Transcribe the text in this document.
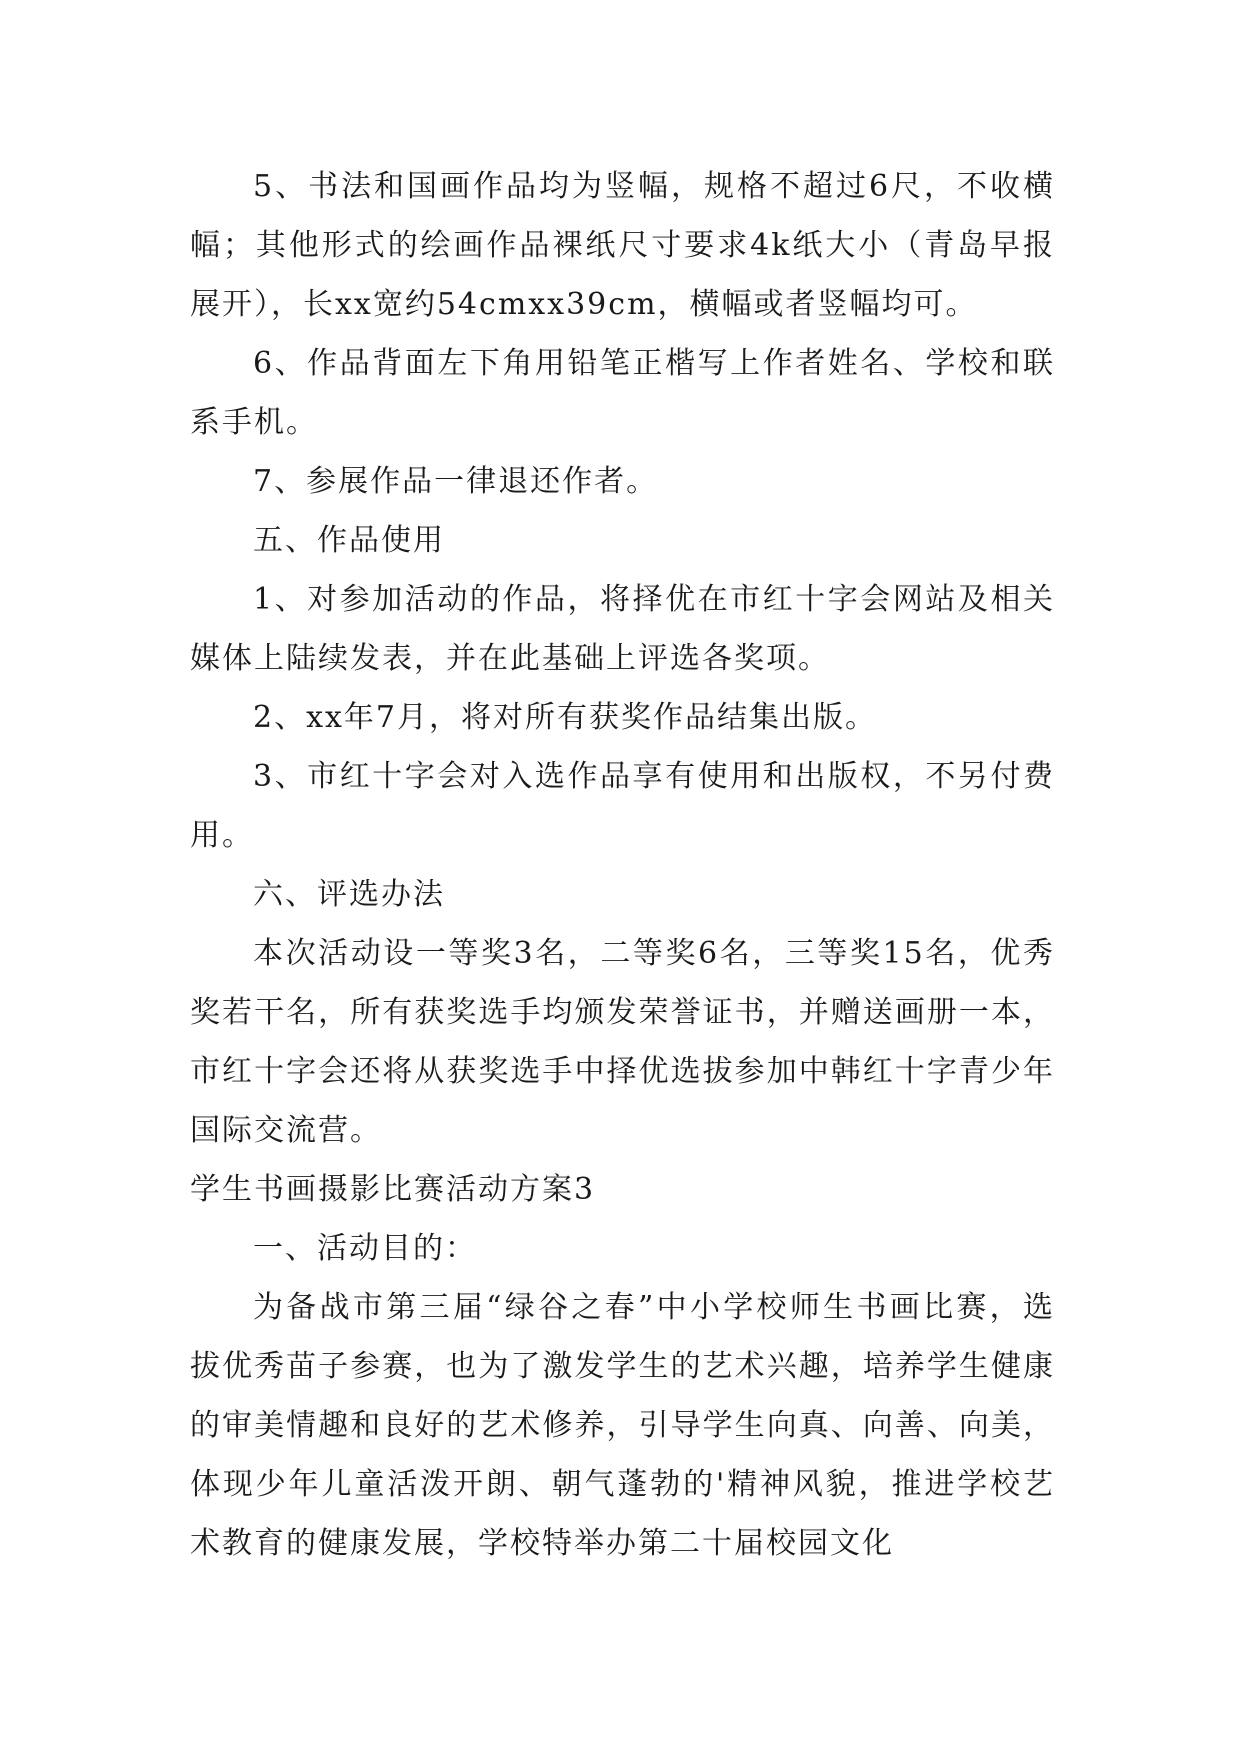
5、书法和国画作品均为竖幅，规格不超过6尺，不收横幅；其他形式的绘画作品裸纸尺寸要求4k纸大小（青岛早报展开），长xx宽约54cmxx39cm，横幅或者竖幅均可。

6、作品背面左下角用铅笔正楷写上作者姓名、学校和联系手机。

7、参展作品一律退还作者。

五、作品使用

1、对参加活动的作品，将择优在市红十字会网站及相关媒体上陆续发表，并在此基础上评选各奖项。

2、xx年7月，将对所有获奖作品结集出版。

3、市红十字会对入选作品享有使用和出版权，不另付费用。

六、评选办法

本次活动设一等奖3名，二等奖6名，三等奖15名，优秀奖若干名，所有获奖选手均颁发荣誉证书，并赠送画册一本，市红十字会还将从获奖选手中择优选拔参加中韩红十字青少年国际交流营。

学生书画摄影比赛活动方案3

一、活动目的：

为备战市第三届“绿谷之春”中小学校师生书画比赛，选拔优秀苗子参赛，也为了激发学生的艺术兴趣，培养学生健康的审美情趣和良好的艺术修养，引导学生向真、向善、向美，体现少年儿童活泼开朗、朝气蓬勃的'精神风貌，推进学校艺术教育的健康发展，学校特举办第二十届校园文化
